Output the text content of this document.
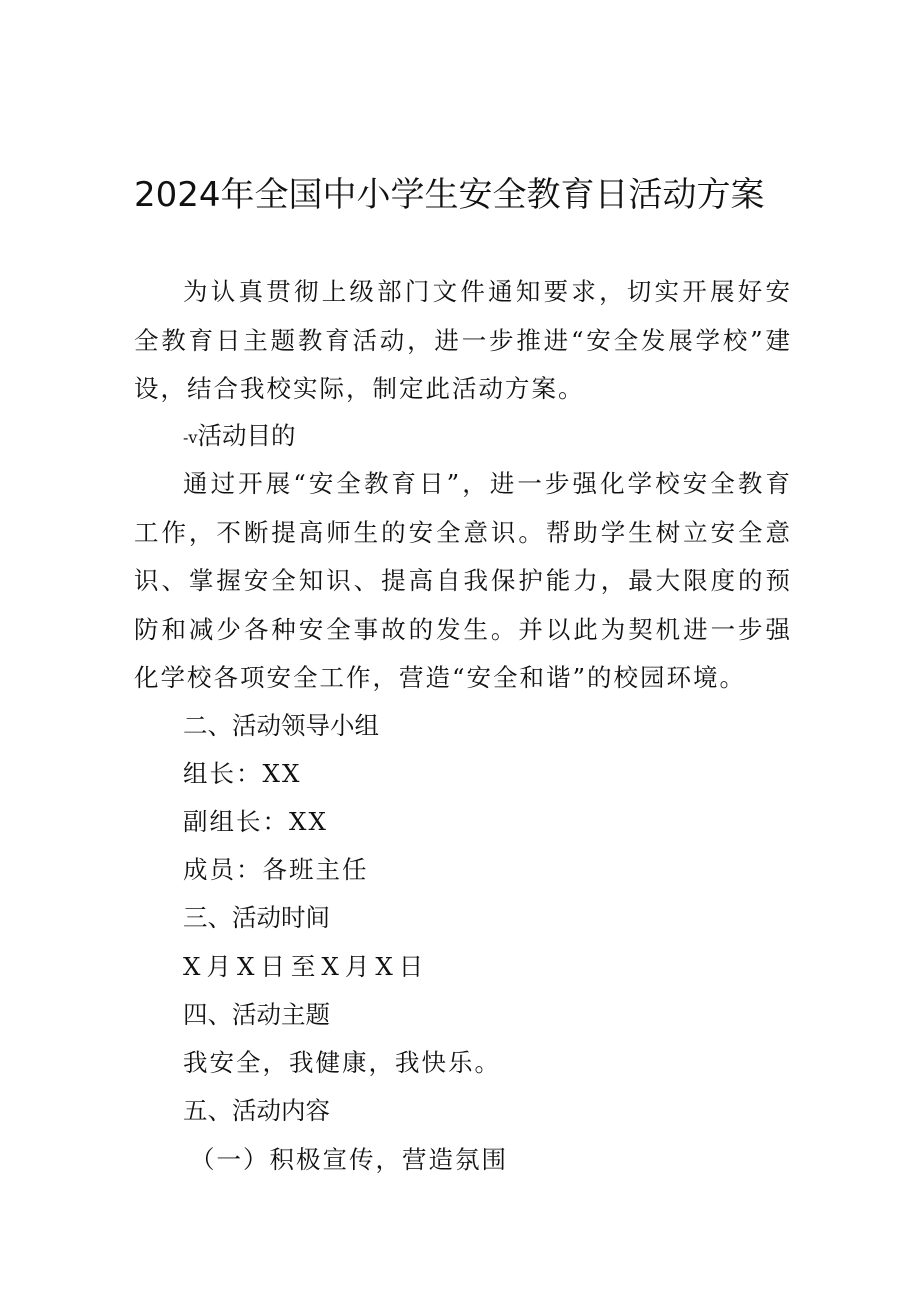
2024年全国中小学生安全教育日活动方案
为认真贯彻上级部门文件通知要求，切实开展好安全教育日主题教育活动，进一步推进“安全发展学校”建设，结合我校实际，制定此活动方案。
-v活动目的
通过开展“安全教育日”，进一步强化学校安全教育工作，不断提高师生的安全意识。帮助学生树立安全意识、掌握安全知识、提高自我保护能力，最大限度的预防和减少各种安全事故的发生。并以此为契机进一步强化学校各项安全工作，营造“安全和谐”的校园环境。
二、活动领导小组
组长：XX
副组长：XX
成员：各班主任
三、活动时间
X月X日至X月X日
四、活动主题
我安全，我健康，我快乐。
五、活动内容
（一）积极宣传，营造氛围
